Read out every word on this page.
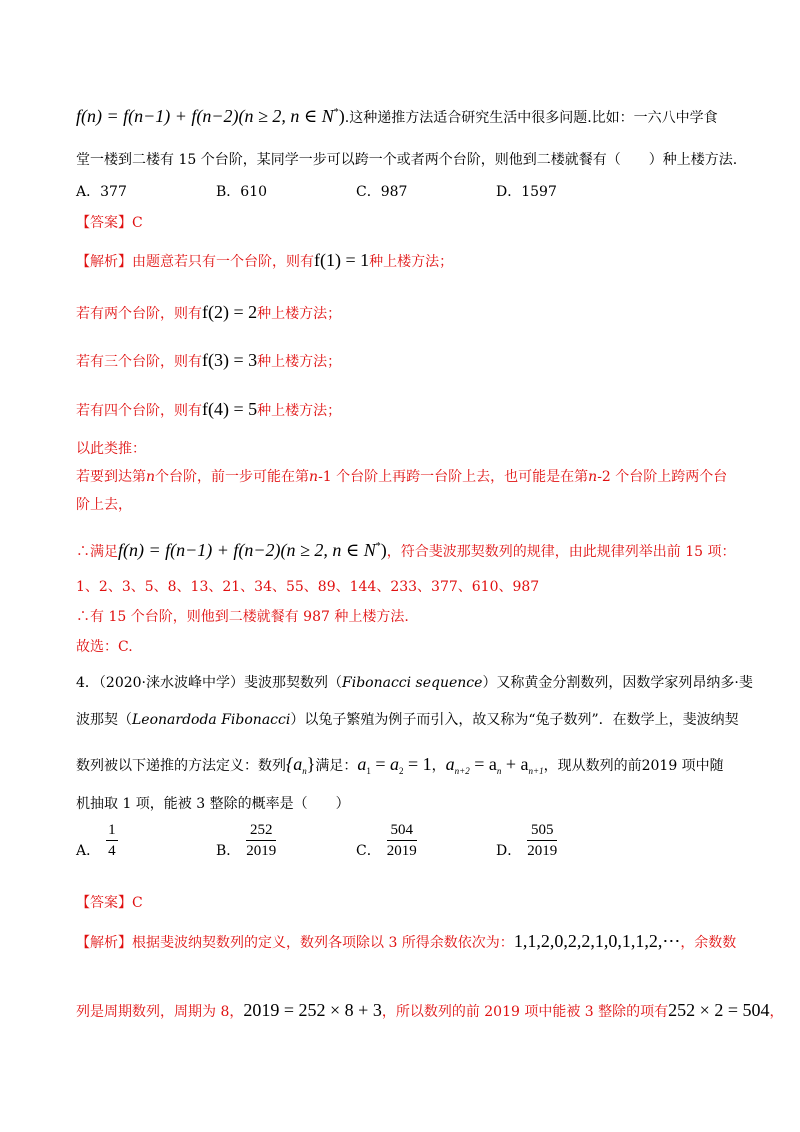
f(n) = f(n−1) + f(n−2)(n ≥ 2, n ∈ N*).这种递推方法适合研究生活中很多问题.比如：一六八中学食
堂一楼到二楼有 15 个台阶，某同学一步可以跨一个或者两个台阶，则他到二楼就餐有（　　）种上楼方法.
A．377	B．610	C．987	D．1597
【答案】C
【解析】由题意若只有一个台阶，则有f(1) = 1种上楼方法；
若有两个台阶，则有f(2) = 2种上楼方法；
若有三个台阶，则有f(3) = 3种上楼方法；
若有四个台阶，则有f(4) = 5种上楼方法；
以此类推：
若要到达第n个台阶，前一步可能在第n-1 个台阶上再跨一台阶上去，也可能是在第n-2 个台阶上跨两个台
阶上去，
∴满足f(n) = f(n−1) + f(n−2)(n ≥ 2, n ∈ N*)，符合斐波那契数列的规律，由此规律列举出前 15 项：
1、2、3、5、8、13、21、34、55、89、144、233、377、610、987
∴有 15 个台阶，则他到二楼就餐有 987 种上楼方法.
故选：C.
4．（2020·涞水波峰中学）斐波那契数列（Fibonacci sequence）又称黄金分割数列，因数学家列昂纳多·斐
波那契（Leonardoda Fibonacci）以兔子繁殖为例子而引入，故又称为“兔子数列”．在数学上，斐波纳契
数列被以下递推的方法定义：数列$\{a_n\}$满足：$a_1 = a_2 = 1$，$a_{n+2} = a_n + a_{n+1}$，现从数列的前2019 项中随
机抽取 1 项，能被 3 整除的概率是（　　）
A． $\frac{1}{4}$	B． $\frac{252}{2019}$	C． $\frac{504}{2019}$	D． $\frac{505}{2019}$
【答案】C
【解析】根据斐波纳契数列的定义，数列各项除以 3 所得余数依次为：1,1,2,0,2,2,1,0,1,1,2,⋯，余数数
列是周期数列，周期为 8，2019 = 252 × 8 + 3，所以数列的前 2019 项中能被 3 整除的项有252 × 2 = 504，
